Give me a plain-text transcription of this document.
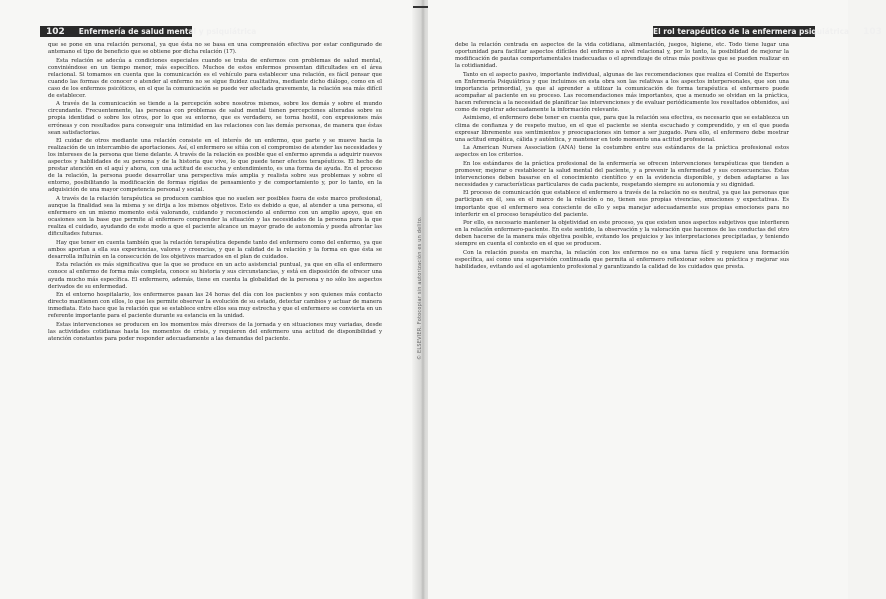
102 Enfermería de salud mental y psiquiátrica

que se pone en una relación personal, ya que ésta no se basa en una comprensión efectiva por estar configurado de antemano el tipo de beneficio que se obtiene por dicha relación (17).

Esta relación se adecúa a condiciones especiales cuando se trata de enfermos con problemas de salud mental, conviniéndose en un tiempo menor, más específico. Muchos de estos enfermos presentan dificultades en el área relacional. Si tomamos en cuenta que la comunicación es el vehículo para establecer una relación, es fácil pensar que cuando las formas de conocer o atender al enfermo no se sigue fluidez cualitativa, mediante dicho diálogo, como en el caso de los enfermos psicóticos, en el que la comunicación se puede ver afectada gravemente, la relación sea más difícil de establecer.

A través de la comunicación se tiende a la percepción sobre nosotros mismos, sobre los demás y sobre el mundo circundante. Frecuentemente, las personas con problemas de salud mental tienen percepciones alteradas sobre su propia identidad o sobre los otros, por lo que su entorno, que es verdadero, se torna hostil, con expresiones más erróneas y con resultados para conseguir una intimidad en las relaciones con las demás personas, de manera que éstas sean satisfactorias.

El cuidar de otros mediante una relación consiste en el interés de un enfermo, que parte y se mueve hacia la realización de un intercambio de aportaciones. Así, el enfermero se sitúa con el compromiso de atender las necesidades y los intereses de la persona que tiene delante. A través de la relación es posible que el enfermo aprenda a adquirir nuevos aspectos y habilidades de su persona y de la historia que vive, lo que puede tener efectos terapéuticos. El hecho de prestar atención en el aquí y ahora, con una actitud de escucha y entendimiento, es una forma de ayuda. En el proceso de la relación, la persona puede desarrollar una perspectiva más amplia y realista sobre sus problemas y sobre el entorno, posibilitando la modificación de formas rígidas de pensamiento y de comportamiento y, por lo tanto, en la adquisición de una mayor competencia personal y social.

A través de la relación terapéutica se producen cambios que no suelen ser posibles fuera de este marco profesional, aunque la finalidad sea la misma y se dirija a los mismos objetivos. Esto es debido a que, al atender a una persona, el enfermero en un mismo momento está valorando, cuidando y reconociendo al enfermo con un amplio apoyo, que en ocasiones son la base que permite al enfermero comprender la situación y las necesidades de la persona para la que realiza el cuidado, ayudando de este modo a que el paciente alcance un mayor grado de autonomía y pueda afrontar las dificultades futuras.

Hay que tener en cuenta también que la relación terapéutica depende tanto del enfermero como del enfermo, ya que ambos aportan a ella sus experiencias, valores y creencias, y que la calidad de la relación y la forma en que ésta se desarrolla influirán en la consecución de los objetivos marcados en el plan de cuidados.

Esta relación es más significativa que la que se produce en un acto asistencial puntual, ya que en ella el enfermero conoce al enfermo de forma más completa, conoce su historia y sus circunstancias, y está en disposición de ofrecer una ayuda mucho más específica. El enfermero, además, tiene en cuenta la globalidad de la persona y no sólo los aspectos derivados de su enfermedad.

En el entorno hospitalario, los enfermeros pasan las 24 horas del día con los pacientes y son quienes más contacto directo mantienen con ellos, lo que les permite observar la evolución de su estado, detectar cambios y actuar de manera inmediata. Esto hace que la relación que se establece entre ellos sea muy estrecha y que el enfermero se convierta en un referente importante para el paciente durante su estancia en la unidad.

Estas intervenciones se producen en los momentos más diversos de la jornada y en situaciones muy variadas, desde las actividades cotidianas hasta los momentos de crisis, y requieren del enfermero una actitud de disponibilidad y atención constantes para poder responder adecuadamente a las demandas del paciente.	© ELSEVIER. Fotocopiar sin autorización es un delito.
El rol terapéutico de la enfermera psiquiátrica 103

debe la relación centrada en aspectos de la vida cotidiana, alimentación, juegos, higiene, etc. Todo tiene lugar una oportunidad para facilitar aspectos difíciles del enfermo a nivel relacional y, por lo tanto, la posibilidad de mejorar la modificación de pautas comportamentales inadecuadas o el aprendizaje de otras más positivas que se pueden realizar en la cotidianidad.

Tanto en el aspecto pasivo, importante individual, algunas de las recomendaciones que realiza el Comité de Expertos en Enfermería Psiquiátrica y que incluimos en esta obra son las relativas a los aspectos interpersonales, que son una importancia primordial, ya que al aprender a utilizar la comunicación de forma terapéutica el enfermero puede acompañar al paciente en su proceso. Las recomendaciones más importantes, que a menudo se olvidan en la práctica, hacen referencia a la necesidad de planificar las intervenciones y de evaluar periódicamente los resultados obtenidos, así como de registrar adecuadamente la información relevante.

Asimismo, el enfermero debe tener en cuenta que, para que la relación sea efectiva, es necesario que se establezca un clima de confianza y de respeto mutuo, en el que el paciente se sienta escuchado y comprendido, y en el que pueda expresar libremente sus sentimientos y preocupaciones sin temor a ser juzgado. Para ello, el enfermero debe mostrar una actitud empática, cálida y auténtica, y mantener en todo momento una actitud profesional.

La American Nurses Association (ANA) tiene la costumbre entre sus estándares de la práctica profesional estos aspectos en los criterios.

En los estándares de la práctica profesional de la enfermería se ofrecen intervenciones terapéuticas que tienden a promover, mejorar o restablecer la salud mental del paciente, y a prevenir la enfermedad y sus consecuencias. Estas intervenciones deben basarse en el conocimiento científico y en la evidencia disponible, y deben adaptarse a las necesidades y características particulares de cada paciente, respetando siempre su autonomía y su dignidad.

El proceso de comunicación que establece el enfermero a través de la relación no es neutral, ya que las personas que participan en él, sea en el marco de la relación o no, tienen sus propias vivencias, emociones y expectativas. Es importante que el enfermero sea consciente de ello y sepa manejar adecuadamente sus propias emociones para no interferir en el proceso terapéutico del paciente.

Por ello, es necesario mantener la objetividad en este proceso, ya que existen unos aspectos subjetivos que interfieren en la relación enfermero-paciente. En este sentido, la observación y la valoración que hacemos de las conductas del otro deben hacerse de la manera más objetiva posible, evitando los prejuicios y las interpretaciones precipitadas, y teniendo siempre en cuenta el contexto en el que se producen.

Con la relación puesta en marcha, la relación con los enfermos no es una tarea fácil y requiere una formación específica, así como una supervisión continuada que permita al enfermero reflexionar sobre su práctica y mejorar sus habilidades, evitando así el agotamiento profesional y garantizando la calidad de los cuidados que presta.
